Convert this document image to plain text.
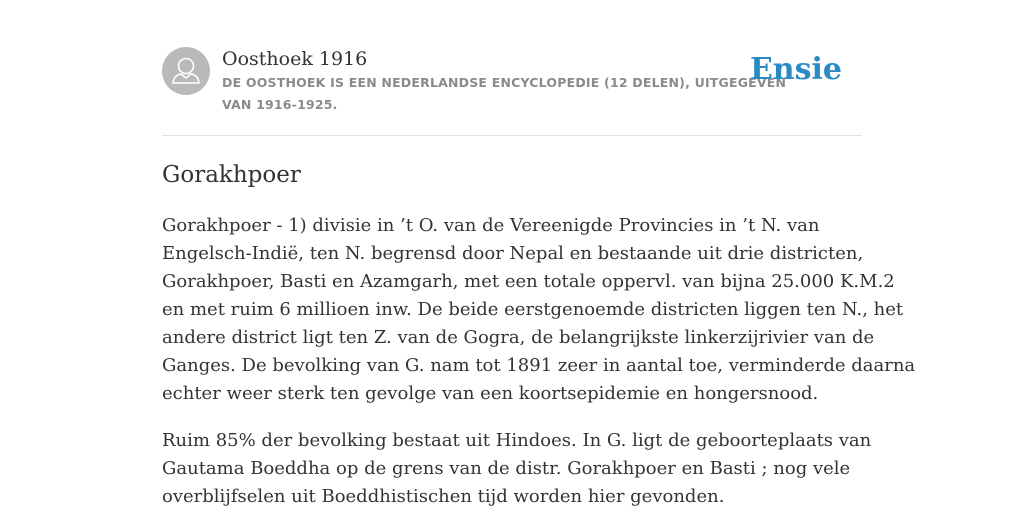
Oosthoek 1916
DE OOSTHOEK IS EEN NEDERLANDSE ENCYCLOPEDIE (12 DELEN), UITGEGEVEN
VAN 1916-1925.
Ensie
Gorakhpoer

Gorakhpoer - 1) divisie in ’t O. van de Vereenigde Provincies in ’t N. van
Engelsch-Indië, ten N. begrensd door Nepal en bestaande uit drie districten,
Gorakhpoer, Basti en Azamgarh, met een totale oppervl. van bijna 25.000 K.M.2
en met ruim 6 millioen inw. De beide eerstgenoemde districten liggen ten N., het
andere district ligt ten Z. van de Gogra, de belangrijkste linkerzijrivier van de
Ganges. De bevolking van G. nam tot 1891 zeer in aantal toe, verminderde daarna
echter weer sterk ten gevolge van een koortsepidemie en hongersnood.

Ruim 85% der bevolking bestaat uit Hindoes. In G. ligt de geboorteplaats van
Gautama Boeddha op de grens van de distr. Gorakhpoer en Basti ; nog vele
overblijfselen uit Boeddhistischen tijd worden hier gevonden.
